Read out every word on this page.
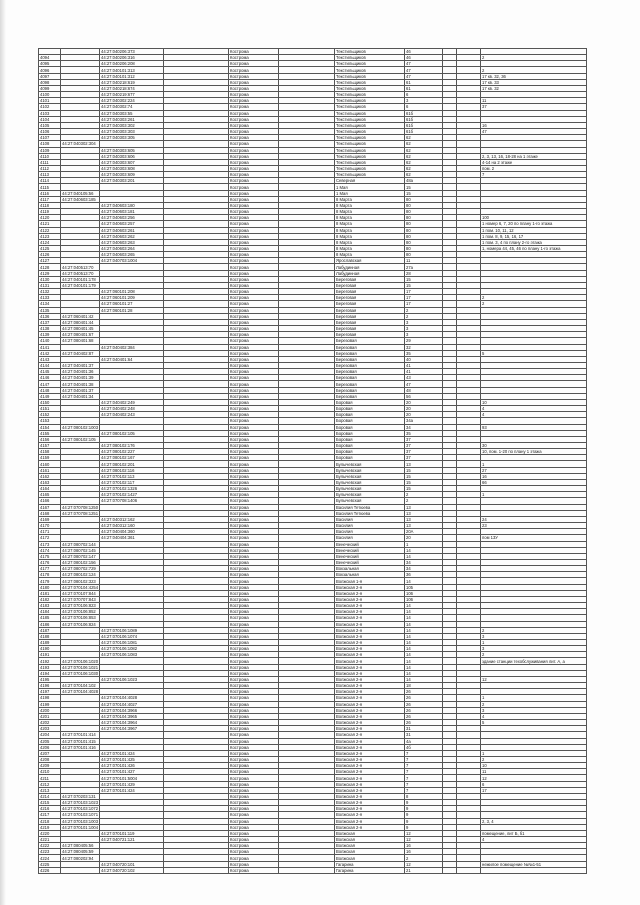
		44:27:040206:373		Кострома		Текстильщиков	46			
4094		44:27:040206:316		Кострома		Текстильщиков	46			2
4095		44:27:040206:208		Кострома		Текстильщиков	47			
4096		44:27:040101:313		Кострома		Текстильщиков	47			2
4097		44:27:040101:312		Кострома		Текстильщиков	47			17 кв. 32, 36
4098		44:27:040218:619		Кострома		Текстильщиков	61			17 кв. 33
4099		44:27:040218:674		Кострома		Текстильщиков	61			17 кв. 32
4100		44:27:040219:677		Кострома		Текстильщиков	6			
4101		44:27:040302:224		Кострома		Текстильщиков	3			11
4102		44:27:040302:74		Кострома		Текстильщиков	6			37
4103		44:27:040303:55		Кострома		Текстильщиков	61б			
4104		44:27:040303:261		Кострома		Текстильщиков	61б			
4105		44:27:040303:302		Кострома		Текстильщиков	61б			16
4106		44:27:040303:303		Кострома		Текстильщиков	61б			47
4107		44:27:040303:305		Кострома		Текстильщиков	62			
4108	44:27:040302:304			Кострома		Текстильщиков	62			
4109		44:27:040303:605		Кострома		Текстильщиков	62			
4110		44:27:040303:606		Кострома		Текстильщиков	62			2, 3, 13, 16, 18-28 на 1 этаже
4111		44:27:040303:607		Кострома		Текстильщиков	62			4-14 на 2 этаже
4112		44:27:040303:608		Кострома		Текстильщиков	62			пом. 2
4113		44:27:040303:609		Кострома		Текстильщиков	62			7
4114		44:27:040303:201		Кострома		Северная	48а			
4115				Кострома		1 Мая	15			
4116	44:27:040105:56			Кострома		1 Мая	15			
4117	44:27:040603:185			Кострома		8 Марта	80			
4118		44:27:040603:180		Кострома		8 Марта	80			
4119		44:27:040603:181		Кострома		8 Марта	80			
4120		44:27:040603:256		Кострома		8 Марта	80			100
4121		44:27:040603:257		Кострома		8 Марта	80			1 номер 6, 7, 20 по плану 1-го этажа
4122		44:27:040603:261		Кострома		8 Марта	80			1 пом. 10, 11, 12
4123		44:27:040603:262		Кострома		8 Марта	80			1 пом. 8, 9, 15, 16, 17
4124		44:27:040603:263		Кострома		8 Марта	80			1 пом. 3, 4 по плану 2-го этажа
4125		44:27:040603:264		Кострома		8 Марта	80			1, номера 44, 45, 46 по плану 1-го этажа
4126		44:27:040603:265		Кострома		8 Марта	80			
4127		44:27:040703:1004		Кострома		Ярославская	11			
4128	44:27:040513:70			Кострома		Лабудинная	27а			
4129	44:27:040513:70			Кострома		Лабудинная	28			
4130	44:27:040101:178			Кострома		Береговая	15			
4131	44:27:040101:179			Кострома		Береговая	15			
4132		44:27:060101:208		Кострома		Береговая	17			
4133		44:27:060101:209		Кострома		Береговая	17			2
4134		44:27:060101:27		Кострома		Береговая	17			2
4135		44:27:060101:28		Кострома		Береговая	2			
4136	44:27:060401:42			Кострома		Береговая	2			
4137	44:27:080401:44			Кострома		Береговая	3			
4138	44:27:080401:45			Кострома		Береговая	3			
4139	44:27:080401:67			Кострома		Береговая	3			
4140	44:27:080401:68			Кострома		Березовая	29			
4141		44:27:040402:384		Кострома		Березовая	32			
4142	44:27:040402:87			Кострома		Березовая	35			5
4143		44:27:040401:64		Кострома		Березовая	40			
4144	44:27:040401:37			Кострома		Березовая	41			
4145	44:27:040401:36			Кострома		Березовая	41			
4146	44:27:040401:39			Кострома		Березовая	43			
4147	44:27:040401:38			Кострома		Березовая	47			
4148	44:27:040401:37			Кострома		Березовая	48			
4149	44:27:040401:34			Кострома		Березовая	56			
4150		44:27:040402:249		Кострома		Боровая	20			10
4151		44:27:040402:248		Кострома		Боровая	20			4
4152		44:27:040402:243		Кострома		Боровая	20			4
4153				Кострома		Боровая	34а			
4154	44:27:080102:1003			Кострома		Боровая	34			93
4155		44:27:080102:105		Кострома		Боровая	35			
4156	44:27:080102:105			Кострома		Боровая	37			
4157		44:27:080102:176		Кострома		Боровая	37			30
4158		44:27:080102:227		Кострома		Боровая	37			10, пом. 1-20 по плану 1 этажа
4159		44:27:080102:167		Кострома		Боровая	37			
4160		44:27:080102:201		Кострома		Булычевская	13			1
4161		44:27:080102:116		Кострома		Булычевская	15			27
4162		44:27:070102:113		Кострома		Булычевская	15			16
4163		44:27:070102:117		Кострома		Булычевская	15			66
4164		44:27:070102:1326		Кострома		Булычевская	15			
4165		44:27:070102:1427		Кострома		Булычевская	2			1
4166		44:27:070708:1406		Кострома		Булычевская	2			
4167	44:27:070708:1250			Кострома		Василия Тетюева	13			
4168	44:27:070708:1251			Кострома		Василия Тетюева	13			
4169		44:27:040312:162		Кострома		Василия	13			24
4170		44:27:040312:160		Кострома		Василия	13			23
4171		44:27:040404:360		Кострома		Василия	20А			
4172		44:27:040404:361		Кострома		Василия	20			пом 13У
4173	44:27:080702:144			Кострома		Венеческий	1			
4174	44:27:080702:145			Кострома		Венеческий	14			
4175	44:27:080702:147			Кострома		Венеческий	14			
4176	44:27:080102:156			Кострома		Венеческий	34			
4177	44:27:080702:729			Кострома		Вокзальная	34			
4178	44:27:080102:124			Кострома		Вокзальная	36			
4179	44:27:080102:323			Кострома		Волжская 1-я	14			
4180	44:27:070104:4254			Кострома		Волжская 2-я	105			
4181	44:27:070107:844			Кострома		Волжская 2-я	106			
4182	44:27:070707:843			Кострома		Волжская 2-я	106			
4183	44:27:070106:823			Кострома		Волжская 2-я	14			
4184	44:27:070106:852			Кострома		Волжская 2-я	14			
4185	44:27:070106:853			Кострома		Волжская 2-я	14			
4186	44:27:070106:824			Кострома		Волжская 2-я	14			
4187		44:27:070106:1089		Кострома		Волжская 2-я	14			2
4188		44:27:070106:1074		Кострома		Волжская 2-я	14			3
4189		44:27:070106:1081		Кострома		Волжская 2-я	14			1
4190		44:27:070106:1082		Кострома		Волжская 2-я	14			3
4191		44:27:070106:1083		Кострома		Волжская 2-я	14			2
4192	44:27:070106:1020			Кострома		Волжская 2-я	14			здание станции техобслуживания лит. А, а
4193	44:27:070106:1021			Кострома		Волжская 2-я	14			
4194	44:27:070106:1030			Кострома		Волжская 2-я	14			
4195		44:27:070106:1023		Кострома		Волжская 2-я	14			12
4196	44:27:070104:102			Кострома		Волжская 2-я	18			
4197	44:27:070104:4028			Кострома		Волжская 2-я	26			
4198		44:27:070104:4028		Кострома		Волжская 2-я	26			1
4199		44:27:070104:4027		Кострома		Волжская 2-я	26			2
4200		44:27:070104:3966		Кострома		Волжская 2-я	26			3
4201		44:27:070104:3965		Кострома		Волжская 2-я	26			4
4202		44:27:070104:3964		Кострома		Волжская 2-я	26			5
4203		44:27:070104:3967		Кострома		Волжская 2-я	31			
4204	44:27:070101:414			Кострома		Волжская 2-я	31			
4205	44:27:070101:415			Кострома		Волжская 2-я	4а			
4206	44:27:070101:416			Кострома		Волжская 2-я	4б			
4207		44:27:070101:424		Кострома		Волжская 2-я	7			1
4208		44:27:070101:425		Кострома		Волжская 2-я	7			2
4209		44:27:070101:426		Кострома		Волжская 2-я	7			10
4210		44:27:070101:427		Кострома		Волжская 2-я	7			11
4211		44:27:070101:5004		Кострома		Волжская 2-я	7			12
4212		44:27:070101:429		Кострома		Волжская 2-я	7			6
4213		44:27:070101:424		Кострома		Волжская 2-я	7			17
4214	44:27:070203:131			Кострома		Волжская 2-я	8			
4215	44:27:070103:1023			Кострома		Волжская 2-я	9			
4216	44:27:070103:1072			Кострома		Волжская 2-я	9			
4217	44:27:070103:1071			Кострома		Волжская 2-я	9			
4218	44:27:070103:1003			Кострома		Волжская 2-я	9			2, 3, 4
4219	44:27:070101:1004			Кострома		Волжская 2-я	9			
4220		44:27:070101:119		Кострома		Волжская	12			помещение, лит Б, б1
4221		44:27:040721:121		Кострома		Волжская	12			4
4222	44:27:080405:56			Кострома		Волжская	16			
4223	44:27:080405:59			Кострома		Волжская	16			
4224	44:27:080202:94			Кострома		Волжская	2			
4225		44:27:040720:101		Кострома		Гагарина	12			нежилое помещение №№1-51
4226		44:27:040720:102		Кострома		Гагарина	21			
